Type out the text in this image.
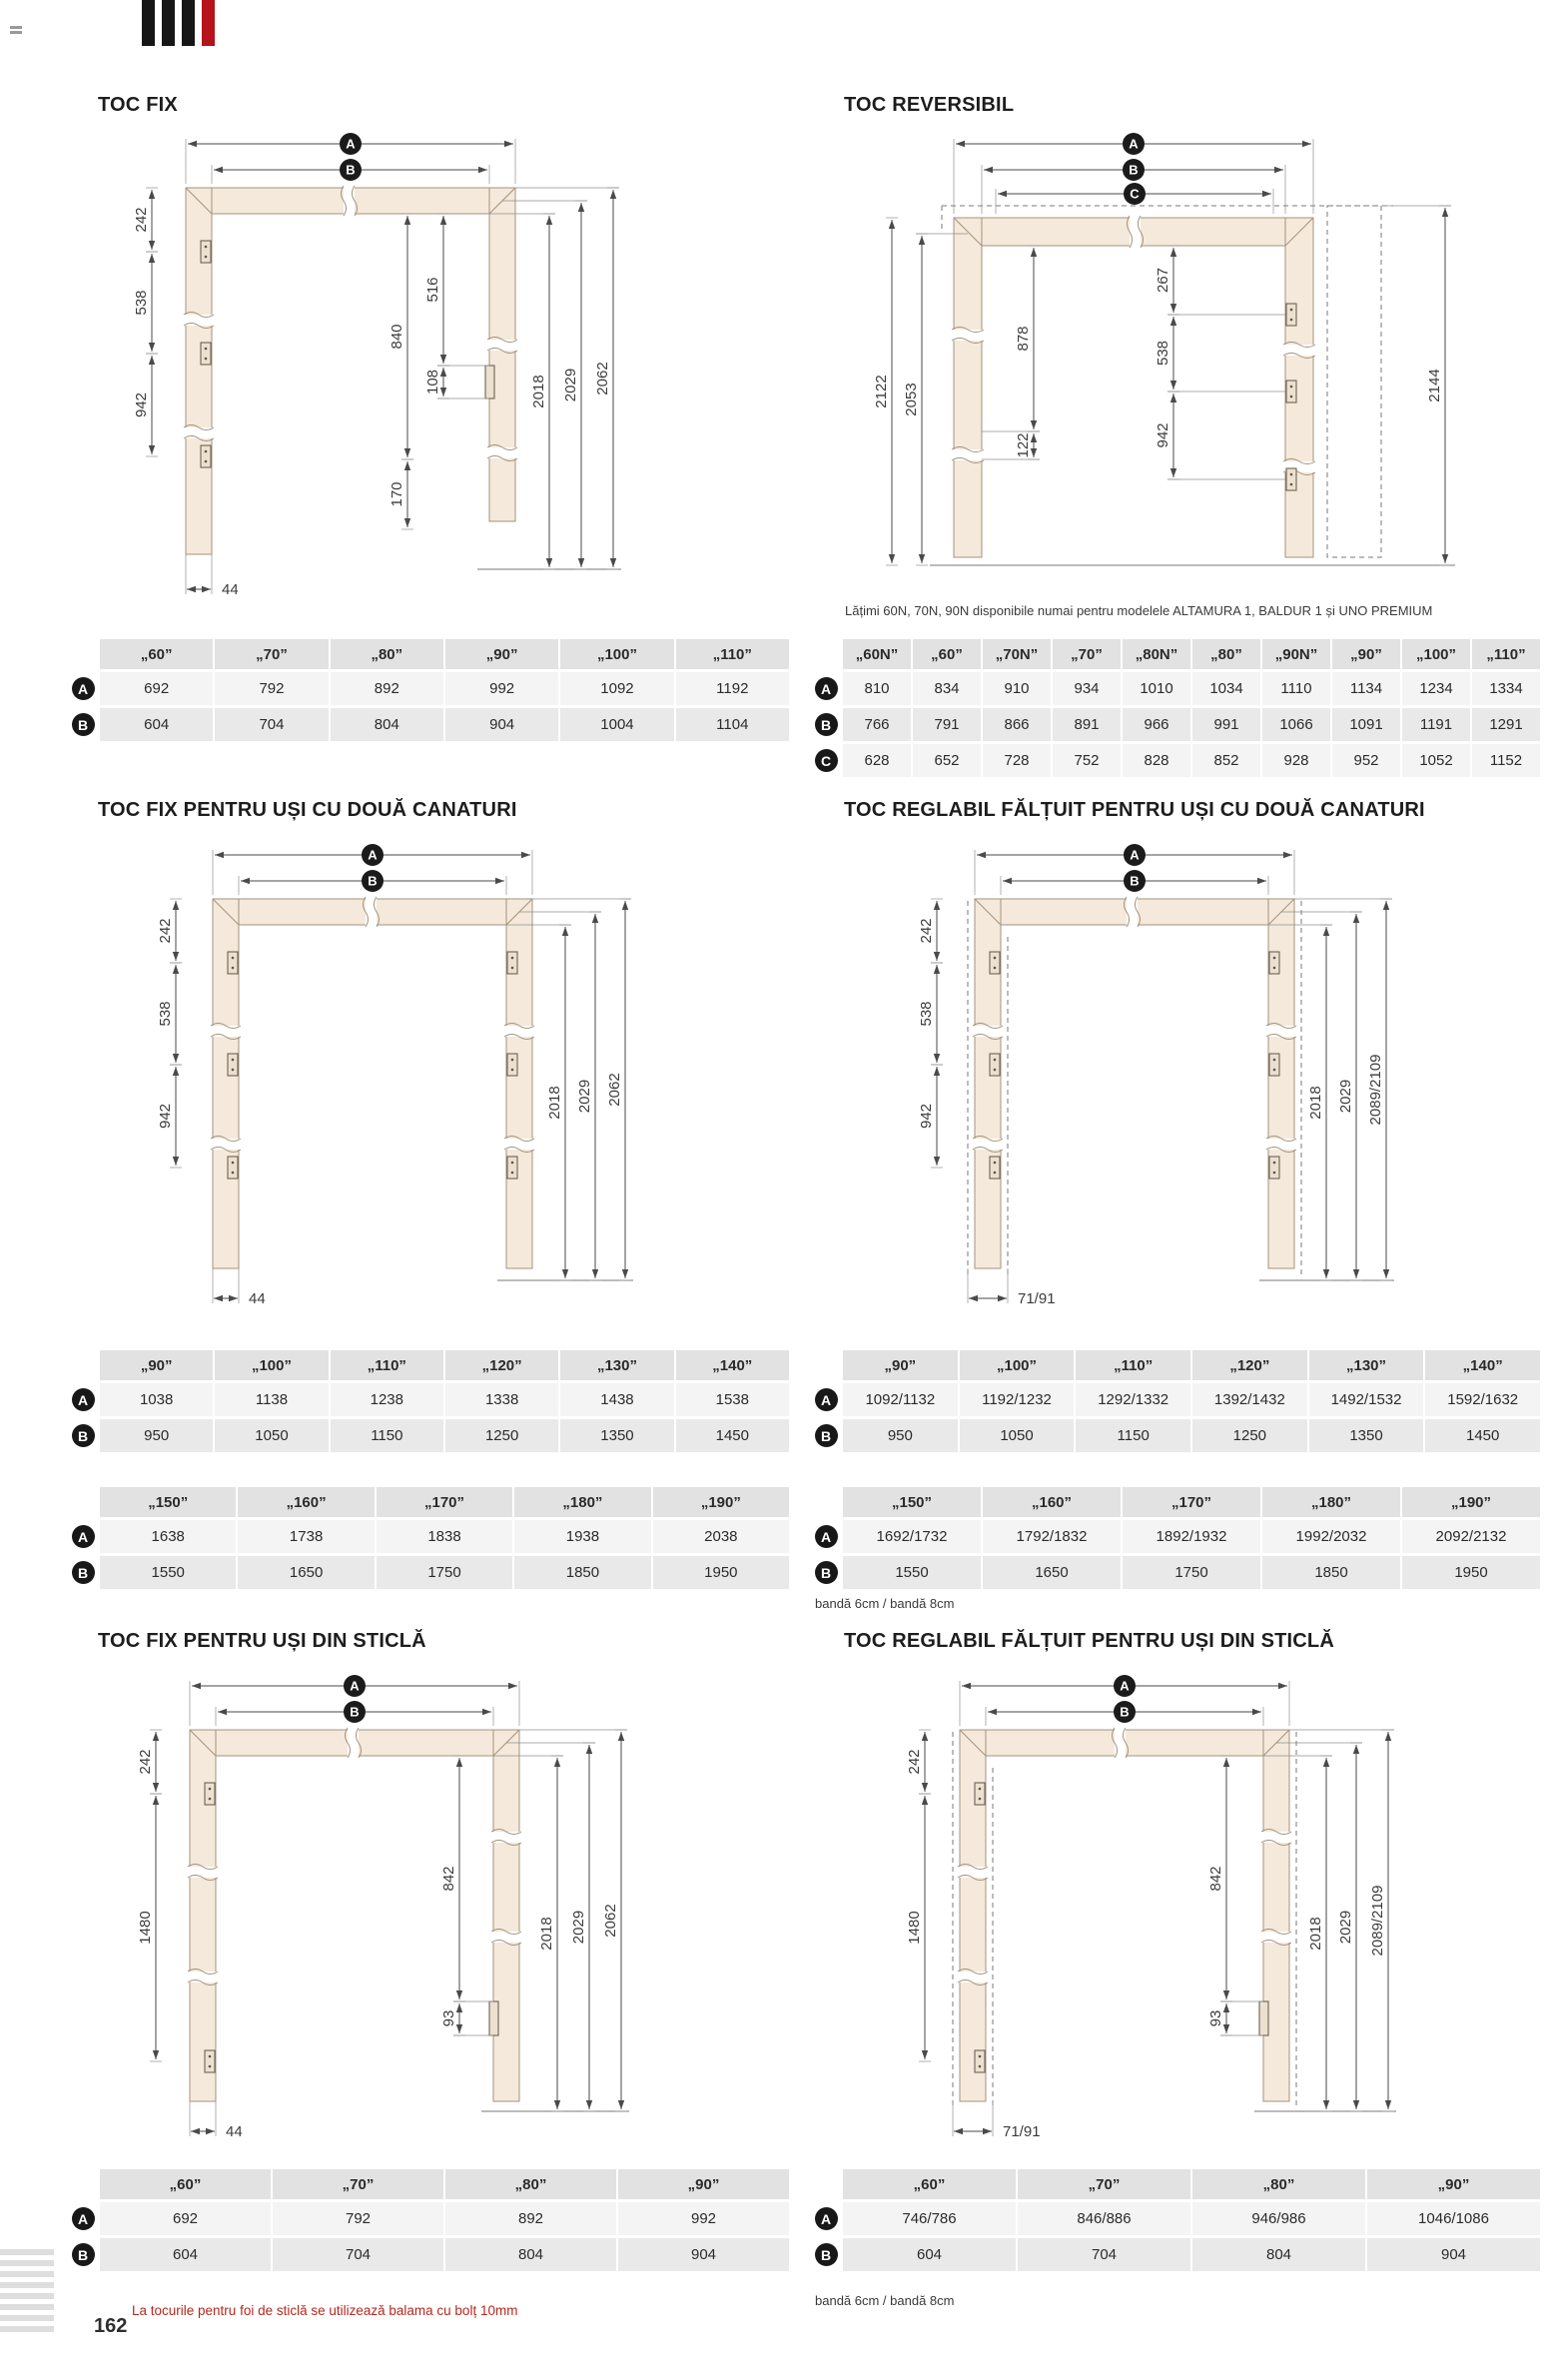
TOC FIX
242
538
942
840
516
108
170
2018 2029 2062
A
B
44
„60”	„70”	„80”	„90”	„100”	„110”
A	692	792	892	992	1092	1192
B	604	704	804	904	1004	1104
TOC REVERSIBIL
2122 2053
878
122
267
538
942
2144
A
B
C

Lățimi 60N, 70N, 90N disponibile numai pentru modelele ALTAMURA 1, BALDUR 1 și UNO PREMIUM

„60N”	„60”	„70N”	„70”	„80N”	„80”	„90N”	„90”	„100”	„110”
A	810	834	910	934	1010	1034	1110	1134	1234	1334
B	766	791	866	891	966	991	1066	1091	1191	1291
C	628	652	728	752	828	852	928	952	1052	1152
TOC FIX PENTRU UȘI CU DOUĂ CANATURI
242
538
942	2018 2029 2062
A
B
44
„90”	„100”	„110”	„120”	„130”	„140”
A	1038	1138	1238	1338	1438	1538
B	950	1050	1150	1250	1350	1450
„150”	„160”	„170”	„180”	„190”
A	1638	1738	1838	1938	2038
B	1550	1650	1750	1850	1950
TOC REGLABIL FĂLȚUIT PENTRU UȘI CU DOUĂ CANATURI
242
538
942	2018 2029 2089/2109
A
B
71/91
„90”	„100”	„110”	„120”	„130”	„140”
A	1092/1132	1192/1232	1292/1332	1392/1432	1492/1532	1592/1632
B	950	1050	1150	1250	1350	1450
„150”	„160”	„170”	„180”	„190”
A	1692/1732	1792/1832	1892/1932	1992/2032	2092/2132
B	1550	1650	1750	1850	1950

bandă 6cm / bandă 8cm

TOC FIX PENTRU UȘI DIN STICLĂ
242
1480
842
93
2018 2029 2062
A
B
44
„60”	„70”	„80”	„90”
A	692	792	892	992
B	604	704	804	904

La tocurile pentru foi de sticlă se utilizează balama cu bolț 10mm

TOC REGLABIL FĂLȚUIT PENTRU UȘI DIN STICLĂ
242
1480
842
93
2018 2029 2089/2109
A
B
71/91
„60”	„70”	„80”	„90”
A	746/786	846/886	946/986	1046/1086
B	604	704	804	904

bandă 6cm / bandă 8cm

162
